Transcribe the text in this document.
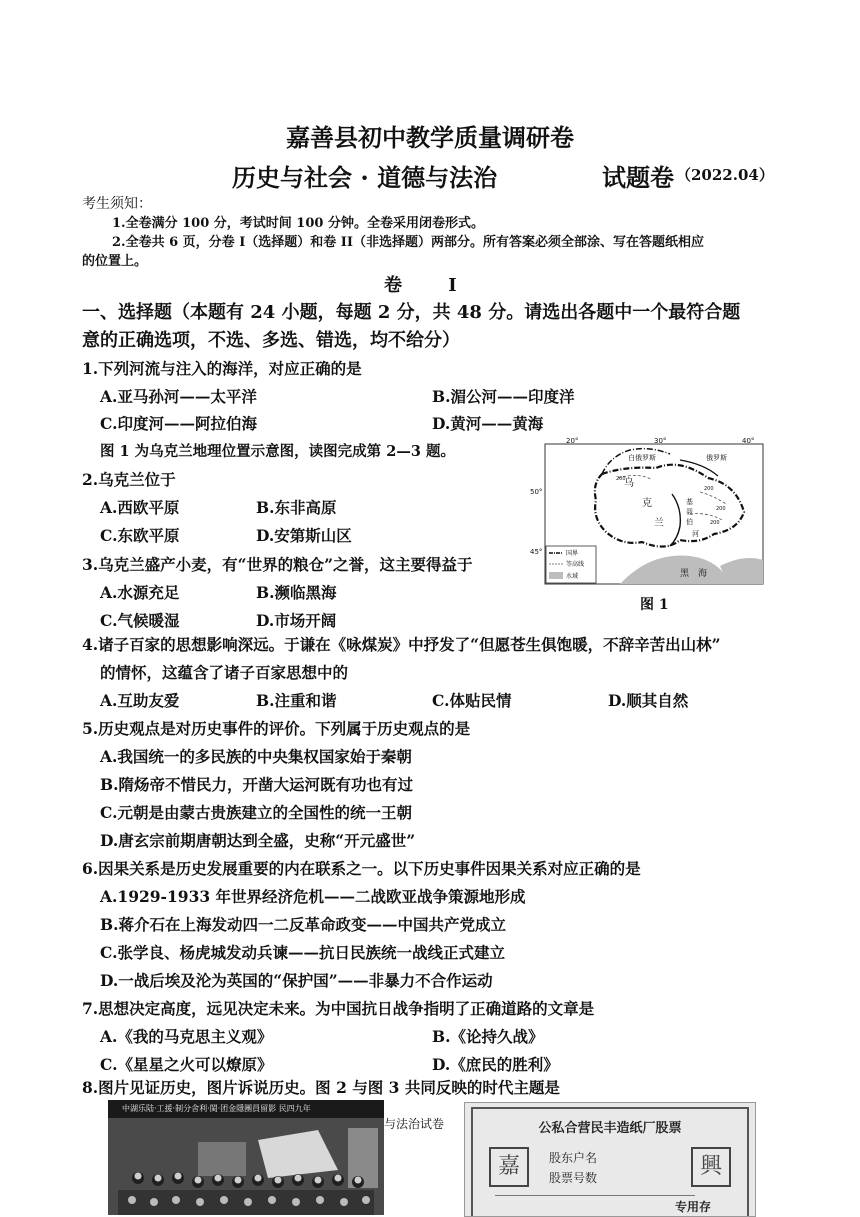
嘉善县初中教学质量调研卷
历史与社会 · 道德与法治	试题卷 （2022.04）
考生须知：
1.全卷满分 100 分，考试时间 100 分钟。全卷采用闭卷形式。
2.全卷共 6 页，分卷 I（选择题）和卷 II（非选择题）两部分。所有答案必须全部涂、写在答题纸相应
的位置上。
卷 Ⅰ
一、选择题（本题有 24 小题，每题 2 分，共 48 分。请选出各题中一个最符合题
意的正确选项，不选、多选、错选，均不给分）
1.下列河流与注入的海洋，对应正确的是
A.亚马孙河——太平洋	B.湄公河——印度洋
C.印度河——阿拉伯海	D.黄河——黄海
图 1 为乌克兰地理位置示意图，读图完成第 2—3 题。
2.乌克兰位于
A.西欧平原	B.东非高原
C.东欧平原	D.安第斯山区
3.乌克兰盛产小麦，有“世界的粮仓”之誉，这主要得益于
A.水源充足	B.濒临黑海
C.气候暖湿	D.市场开阔
20°	30°	40°
50°
45°
白俄罗斯	俄罗斯
乌
克
兰
基
聂
伯
河
黑　海
200
200
200
200
国界
等高线
水域
图 1
4.诸子百家的思想影响深远。于谦在《咏煤炭》中抒发了“但愿苍生俱饱暖，不辞辛苦出山林”
的情怀，这蕴含了诸子百家思想中的
A.互助友爱	B.注重和谐	C.体贴民情	D.顺其自然
5.历史观点是对历史事件的评价。下列属于历史观点的是
A.我国统一的多民族的中央集权国家始于秦朝
B.隋炀帝不惜民力，开凿大运河既有功也有过
C.元朝是由蒙古贵族建立的全国性的统一王朝
D.唐玄宗前期唐朝达到全盛，史称“开元盛世”
6.因果关系是历史发展重要的内在联系之一。以下历史事件因果关系对应正确的是
A.1929-1933 年世界经济危机——二战欧亚战争策源地形成
B.蒋介石在上海发动四一二反革命政变——中国共产党成立
C.张学良、杨虎城发动兵谏——抗日民族统一战线正式建立
D.一战后埃及沦为英国的“保护国”——非暴力不合作运动
7.思想决定高度，远见决定未来。为中国抗日战争指明了正确道路的文章是
A.《我的马克思主义观》	B.《论持久战》
C.《星星之火可以燎原》	D.《庶民的胜利》
8.图片见证历史，图片诉说历史。图 2 与图 3 共同反映的时代主题是
中湖乐陆·工援·制分舍利·閩·团金隱團員留影 民四九年
与法治试卷	公私合营民丰造纸厂股票
嘉	興
股东户名
股票号数
专用存
